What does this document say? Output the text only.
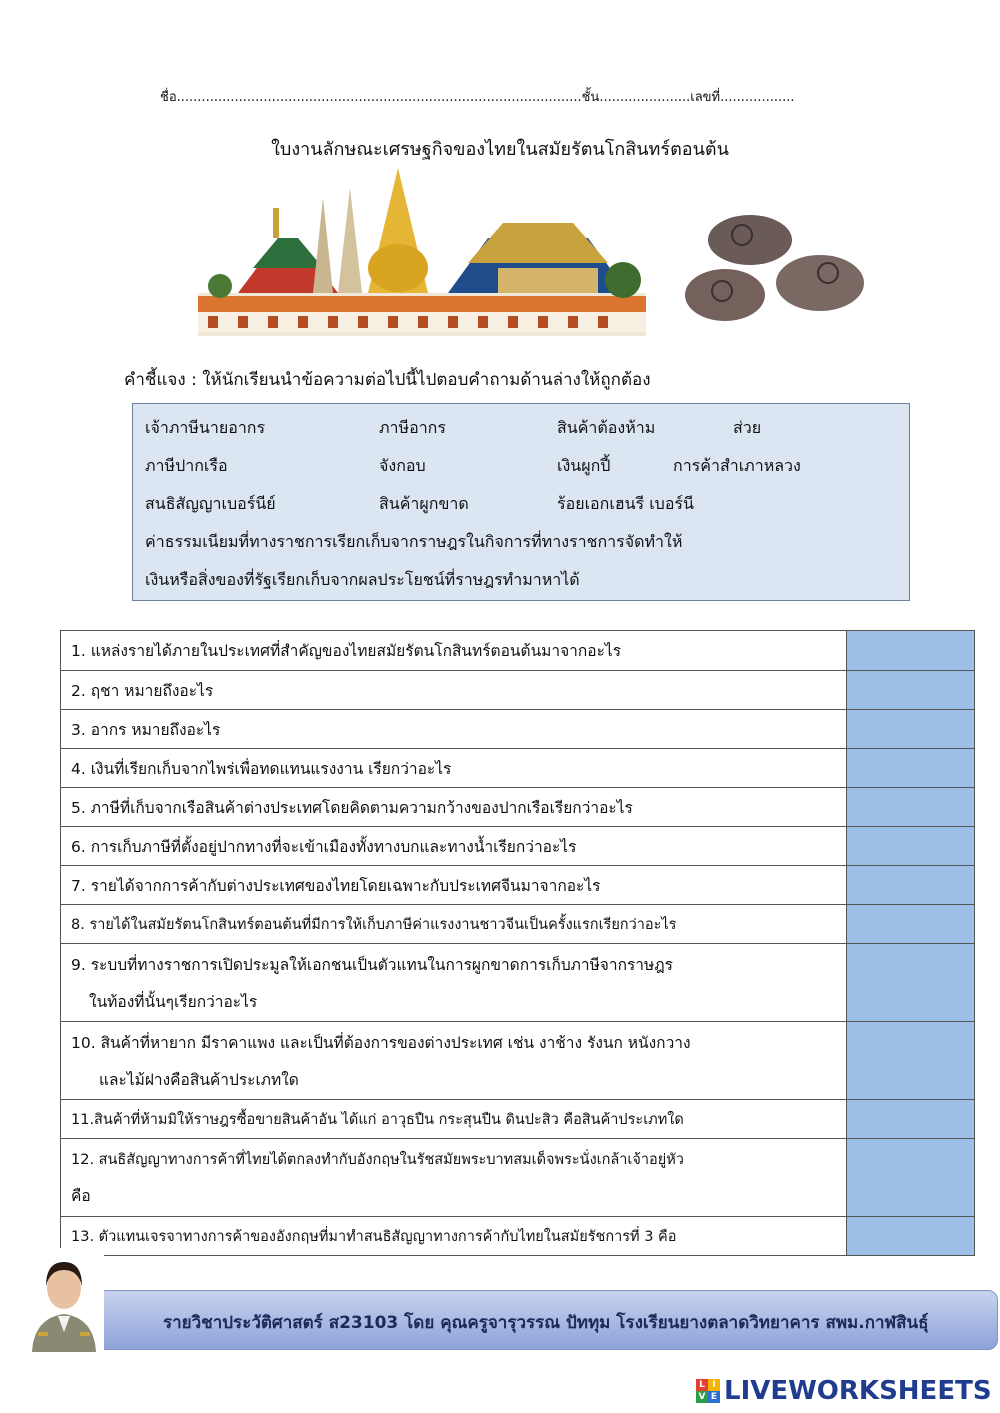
ชื่อ..................................................................................................ชั้น......................เลขที่..................
ใบงานลักษณะเศรษฐกิจของไทยในสมัยรัตนโกสินทร์ตอนต้น
คำชี้แจง : ให้นักเรียนนำข้อความต่อไปนี้ไปตอบคำถามด้านล่างให้ถูกต้อง
เจ้าภาษีนายอากร	ภาษีอากร	สินค้าต้องห้าม	ส่วย
ภาษีปากเรือ	จังกอบ	เงินผูกปี้	การค้าสำเภาหลวง
สนธิสัญญาเบอร์นีย์	สินค้าผูกขาด	ร้อยเอกเฮนรี เบอร์นี
ค่าธรรมเนียมที่ทางราชการเรียกเก็บจากราษฎรในกิจการที่ทางราชการจัดทำให้
เงินหรือสิ่งของที่รัฐเรียกเก็บจากผลประโยชน์ที่ราษฎรทำมาหาได้
1. แหล่งรายได้ภายในประเทศที่สำคัญของไทยสมัยรัตนโกสินทร์ตอนต้นมาจากอะไร	
2. ฤชา หมายถึงอะไร	
3. อากร หมายถึงอะไร	
4. เงินที่เรียกเก็บจากไพร่เพื่อทดแทนแรงงาน เรียกว่าอะไร	
5. ภาษีที่เก็บจากเรือสินค้าต่างประเทศโดยคิดตามความกว้างของปากเรือเรียกว่าอะไร	
6. การเก็บภาษีที่ตั้งอยู่ปากทางที่จะเข้าเมืองทั้งทางบกและทางน้ำเรียกว่าอะไร	
7. รายได้จากการค้ากับต่างประเทศของไทยโดยเฉพาะกับประเทศจีนมาจากอะไร	
8. รายได้ในสมัยรัตนโกสินทร์ตอนต้นที่มีการให้เก็บภาษีค่าแรงงานชาวจีนเป็นครั้งแรกเรียกว่าอะไร	

9. ระบบที่ทางราชการเปิดประมูลให้เอกชนเป็นตัวแทนในการผูกขาดการเก็บภาษีจากราษฎร
ในท้องที่นั้นๆเรียกว่าอะไร	

10. สินค้าที่หายาก มีราคาแพง และเป็นที่ต้องการของต่างประเทศ เช่น งาช้าง รังนก หนังกวาง
และไม้ฝางคือสินค้าประเภทใด	

11.สินค้าที่ห้ามมิให้ราษฎรซื้อขายสินค้าอัน ได้แก่ อาวุธปืน กระสุนปืน ดินปะสิว คือสินค้าประเภทใด	

12. สนธิสัญญาทางการค้าที่ไทยได้ตกลงทำกับอังกฤษในรัชสมัยพระบาทสมเด็จพระนั่งเกล้าเจ้าอยู่หัว
คือ	

13. ตัวแทนเจรจาทางการค้าของอังกฤษที่มาทำสนธิสัญญาทางการค้ากับไทยในสมัยรัชการที่ 3 คือ	
รายวิชาประวัติศาสตร์ ส23103 โดย คุณครูจารุวรรณ ปัททุม โรงเรียนยางตลาดวิทยาคาร สพม.กาฬสินธุ์
L I
V E LIVEWORKSHEETS
